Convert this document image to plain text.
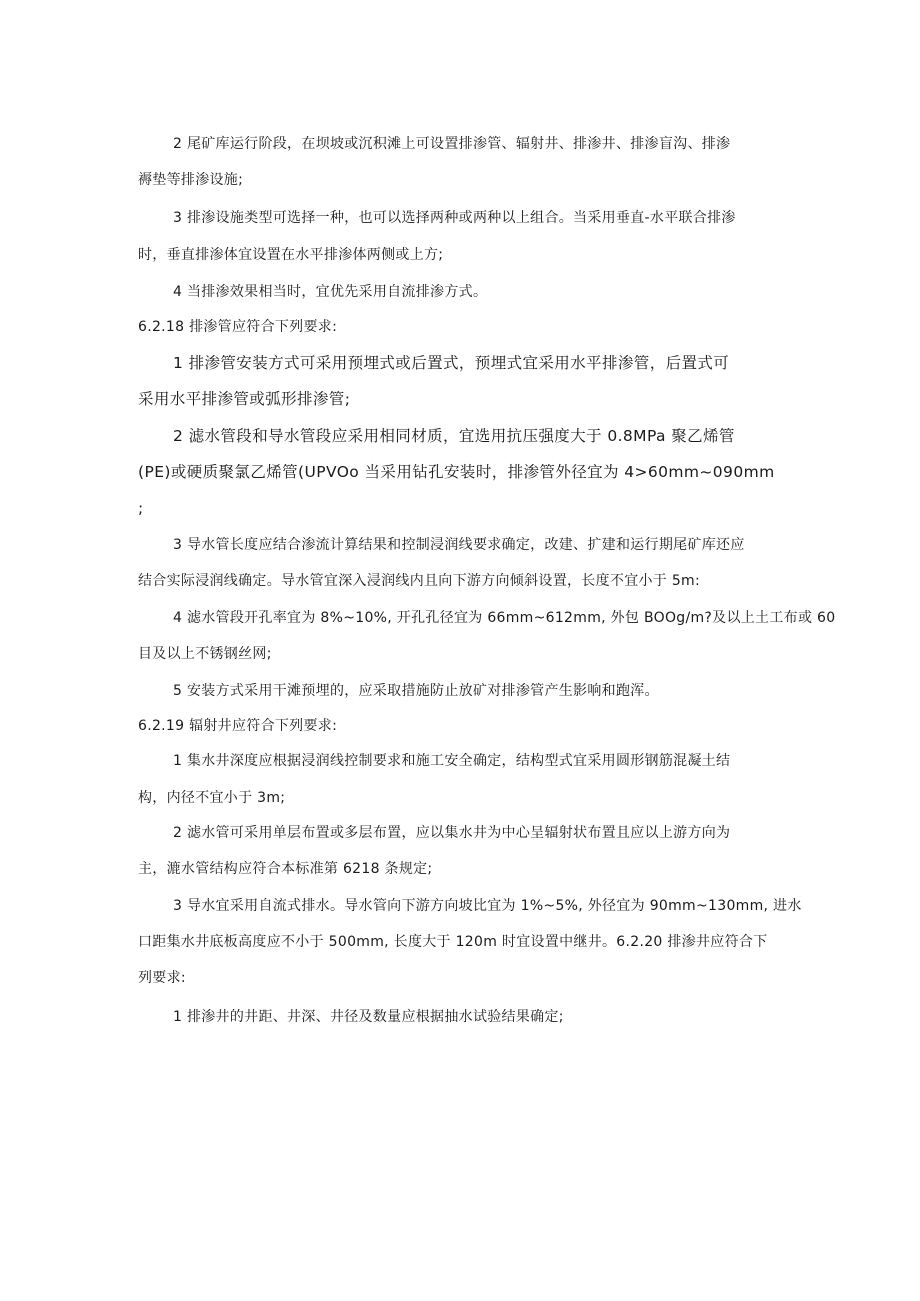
2 尾矿库运行阶段，在坝坡或沉积滩上可设置排渗管、辐射井、排渗井、排渗盲沟、排渗
褥垫等排渗设施;
3 排渗设施类型可选择一种，也可以选择两种或两种以上组合。当采用垂直-水平联合排渗
时，垂直排渗体宜设置在水平排渗体两侧或上方;
4 当排渗效果相当时，宜优先采用自流排渗方式。
6.2.18 排渗管应符合下列要求:
1 排渗管安装方式可采用预埋式或后置式，预埋式宜采用水平排渗管，后置式可
采用水平排渗管或弧形排渗管;
2 滤水管段和导水管段应采用相同材质，宜选用抗压强度大于 0.8MPa 聚乙烯管
(PE)或硬质聚氯乙烯管(UPVOo 当采用钻孔安装时，排渗管外径宜为 4>60mm~090mm
;
3 导水管长度应结合渗流计算结果和控制浸润线要求确定，改建、扩建和运行期尾矿库还应
结合实际浸润线确定。导水管宜深入浸润线内且向下游方向倾斜设置，长度不宜小于 5m:
4 滤水管段开孔率宜为 8%~10%, 开孔孔径宜为 66mm~612mm, 外包 BOOg/m?及以上土工布或 60
目及以上不锈钢丝网;
5 安装方式采用干滩预埋的，应采取措施防止放矿对排渗管产生影响和跑浑。
6.2.19 辐射井应符合下列要求:
1 集水井深度应根据浸润线控制要求和施工安全确定，结构型式宜采用圆形钢筋混凝土结
构，内径不宜小于 3m;
2 滤水管可采用单层布置或多层布置，应以集水井为中心呈辐射状布置且应以上游方向为
主，漉水管结构应符合本标准第 6218 条规定;
3 导水宜采用自流式排水。导水管向下游方向坡比宜为 1%~5%, 外径宜为 90mm~130mm, 进水
口距集水井底板高度应不小于 500mm, 长度大于 120m 时宜设置中继井。6.2.20 排渗井应符合下
列要求:
1 排渗井的井距、井深、井径及数量应根据抽水试验结果确定;
